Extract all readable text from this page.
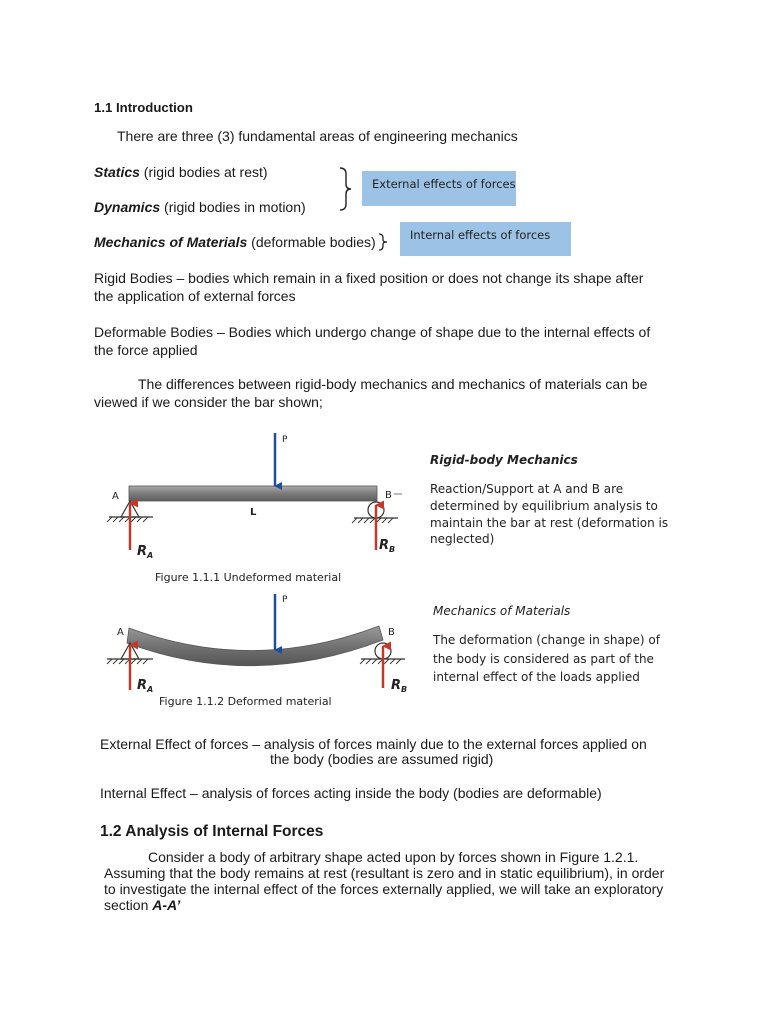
1.1 Introduction
There are three (3) fundamental areas of engineering mechanics
Statics (rigid bodies at rest)
Dynamics (rigid bodies in motion)
Mechanics of Materials (deformable bodies)
External effects of forces
Internal effects of forces
Rigid Bodies – bodies which remain in a fixed position or does not change its shape after
the application of external forces
Deformable Bodies – Bodies which undergo change of shape due to the internal effects of
the force applied
The differences between rigid-body mechanics and mechanics of materials can be
viewed if we consider the bar shown;
P
A	B
L
$R_A$
$R_B$
Figure 1.1.1 Undeformed material
Rigid-body Mechanics
Reaction/Support at A and B are
determined by equilibrium analysis to
maintain the bar at rest (deformation is
neglected)
P
A	B
$R_A$	$R_B$
Figure 1.1.2 Deformed material
Mechanics of Materials
The deformation (change in shape) of
the body is considered as part of the
internal effect of the loads applied
External Effect of forces – analysis of forces mainly due to the external forces applied on
the body (bodies are assumed rigid)
Internal Effect – analysis of forces acting inside the body (bodies are deformable)
1.2 Analysis of Internal Forces
Consider a body of arbitrary shape acted upon by forces shown in Figure 1.2.1.
Assuming that the body remains at rest (resultant is zero and in static equilibrium), in order
to investigate the internal effect of the forces externally applied, we will take an exploratory
section A-A’
